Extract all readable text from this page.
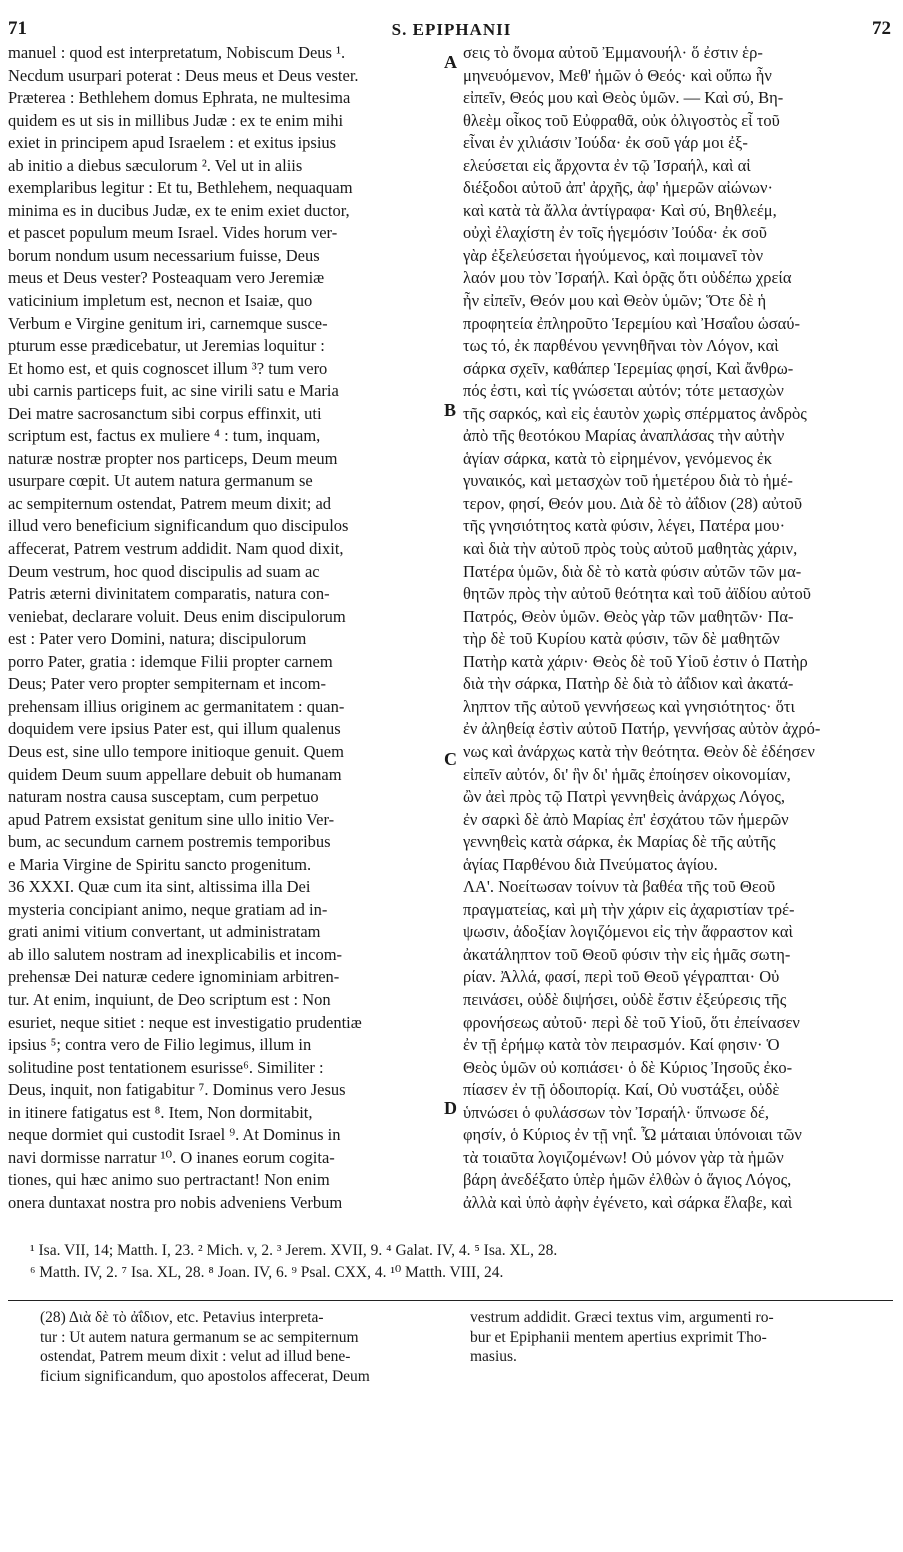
71	S. EPIPHANII	72
manuel : quod est interpretatum, Nobiscum Deus ¹.
Necdum usurpari poterat : Deus meus et Deus vester.
Præterea : Bethlehem domus Ephrata, ne multesima
quidem es ut sis in millibus Judæ : ex te enim mihi
exiet in principem apud Israelem : et exitus ipsius
ab initio a diebus sæculorum ². Vel ut in aliis
exemplaribus legitur : Et tu, Bethlehem, nequaquam
minima es in ducibus Judæ, ex te enim exiet ductor,
et pascet populum meum Israel. Vides horum ver-
borum nondum usum necessarium fuisse, Deus
meus et Deus vester? Posteaquam vero Jeremiæ
vaticinium impletum est, necnon et Isaiæ, quo
Verbum e Virgine genitum iri, carnemque susce-
pturum esse prædicebatur, ut Jeremias loquitur :
Et homo est, et quis cognoscet illum ³? tum vero
ubi carnis particeps fuit, ac sine virili satu e Maria
Dei matre sacrosanctum sibi corpus effinxit, uti
scriptum est, factus ex muliere ⁴ : tum, inquam,
naturæ nostræ propter nos particeps, Deum meum
usurpare cœpit. Ut autem natura germanum se
ac sempiternum ostendat, Patrem meum dixit; ad
illud vero beneficium significandum quo discipulos
affecerat, Patrem vestrum addidit. Nam quod dixit,
Deum vestrum, hoc quod discipulis ad suam ac
Patris æterni divinitatem comparatis, natura con-
veniebat, declarare voluit. Deus enim discipulorum
est : Pater vero Domini, natura; discipulorum
porro Pater, gratia : idemque Filii propter carnem
Deus; Pater vero propter sempiternam et incom-
prehensam illius originem ac germanitatem : quan-
doquidem vere ipsius Pater est, qui illum qualenus
Deus est, sine ullo tempore initioque genuit. Quem
quidem Deum suum appellare debuit ob humanam
naturam nostra causa susceptam, cum perpetuo
apud Patrem exsistat genitum sine ullo initio Ver-
bum, ac secundum carnem postremis temporibus
e Maria Virgine de Spiritu sancto progenitum.
36 XXXI. Quæ cum ita sint, altissima illa Dei
mysteria concipiant animo, neque gratiam ad in-
grati animi vitium convertant, ut administratam
ab illo salutem nostram ad inexplicabilis et incom-
prehensæ Dei naturæ cedere ignominiam arbitren-
tur. At enim, inquiunt, de Deo scriptum est : Non
esuriet, neque sitiet : neque est investigatio prudentiæ
ipsius ⁵; contra vero de Filio legimus, illum in
solitudine post tentationem esurisse⁶. Similiter :
Deus, inquit, non fatigabitur ⁷. Dominus vero Jesus
in itinere fatigatus est ⁸. Item, Non dormitabit,
neque dormiet qui custodit Israel ⁹. At Dominus in
navi dormisse narratur ¹⁰. O inanes eorum cogita-
tiones, qui hæc animo suo pertractant! Non enim
onera duntaxat nostra pro nobis adveniens Verbum
σεις τὸ ὄνομα αὐτοῦ Ἐμμανουήλ· ὅ ἐστιν ἑρ-
μηνευόμενον, Μεθ' ἡμῶν ὁ Θεός· καὶ οὔπω ἦν
εἰπεῖν, Θεός μου καὶ Θεὸς ὑμῶν. — Καὶ σύ, Βη-
θλεὲμ οἶκος τοῦ Εὐφραθᾶ, οὐκ ὀλιγοστὸς εἶ τοῦ
εἶναι ἐν χιλιάσιν Ἰούδα· ἐκ σοῦ γάρ μοι ἐξ-
ελεύσεται εἰς ἄρχοντα ἐν τῷ Ἰσραήλ, καὶ αἱ
διέξοδοι αὐτοῦ ἀπ' ἀρχῆς, ἀφ' ἡμερῶν αἰώνων·
καὶ κατὰ τὰ ἄλλα ἀντίγραφα· Καὶ σύ, Βηθλεέμ,
οὐχὶ ἐλαχίστη ἐν τοῖς ἡγεμόσιν Ἰούδα· ἐκ σοῦ
γὰρ ἐξελεύσεται ἡγούμενος, καὶ ποιμανεῖ τὸν
λαόν μου τὸν Ἰσραήλ. Καὶ ὁρᾷς ὅτι οὐδέπω χρεία
ἦν εἰπεῖν, Θεόν μου καὶ Θεὸν ὑμῶν; Ὅτε δὲ ἡ
προφητεία ἐπληροῦτο Ἱερεμίου καὶ Ἠσαΐου ὡσαύ-
τως τό, ἐκ παρθένου γεννηθῆναι τὸν Λόγον, καὶ
σάρκα σχεῖν, καθάπερ Ἱερεμίας φησί, Καὶ ἄνθρω-
πός ἐστι, καὶ τίς γνώσεται αὐτόν; τότε μετασχὼν
τῆς σαρκός, καὶ εἰς ἑαυτὸν χωρὶς σπέρματος ἀνδρὸς
ἀπὸ τῆς θεοτόκου Μαρίας ἀναπλάσας τὴν αὐτὴν
ἁγίαν σάρκα, κατὰ τὸ εἰρημένον, γενόμενος ἐκ
γυναικός, καὶ μετασχὼν τοῦ ἡμετέρου διὰ τὸ ἡμέ-
τερον, φησί, Θεόν μου. Διὰ δὲ τὸ ἀΐδιον (28) αὐτοῦ
τῆς γνησιότητος κατὰ φύσιν, λέγει, Πατέρα μου·
καὶ διὰ τὴν αὐτοῦ πρὸς τοὺς αὐτοῦ μαθητὰς χάριν,
Πατέρα ὑμῶν, διὰ δὲ τὸ κατὰ φύσιν αὐτῶν τῶν μα-
θητῶν πρὸς τὴν αὐτοῦ θεότητα καὶ τοῦ ἀϊδίου αὐτοῦ
Πατρός, Θεὸν ὑμῶν. Θεὸς γὰρ τῶν μαθητῶν· Πα-
τὴρ δὲ τοῦ Κυρίου κατὰ φύσιν, τῶν δὲ μαθητῶν
Πατὴρ κατὰ χάριν· Θεὸς δὲ τοῦ Υἱοῦ ἐστιν ὁ Πατὴρ
διὰ τὴν σάρκα, Πατὴρ δὲ διὰ τὸ ἀΐδιον καὶ ἀκατά-
ληπτον τῆς αὐτοῦ γεννήσεως καὶ γνησιότητος· ὅτι
ἐν ἀληθείᾳ ἐστὶν αὐτοῦ Πατήρ, γεννήσας αὐτὸν ἀχρό-
νως καὶ ἀνάρχως κατὰ τὴν θεότητα. Θεὸν δὲ ἐδέησεν
εἰπεῖν αὐτόν, δι' ἣν δι' ἡμᾶς ἐποίησεν οἰκονομίαν,
ὢν ἀεὶ πρὸς τῷ Πατρὶ γεννηθεὶς ἀνάρχως Λόγος,
ἐν σαρκὶ δὲ ἀπὸ Μαρίας ἐπ' ἐσχάτου τῶν ἡμερῶν
γεννηθεὶς κατὰ σάρκα, ἐκ Μαρίας δὲ τῆς αὐτῆς
ἁγίας Παρθένου διὰ Πνεύματος ἁγίου.
ΛΑ'. Νοείτωσαν τοίνυν τὰ βαθέα τῆς τοῦ Θεοῦ
πραγματείας, καὶ μὴ τὴν χάριν εἰς ἀχαριστίαν τρέ-
ψωσιν, ἀδοξίαν λογιζόμενοι εἰς τὴν ἄφραστον καὶ
ἀκατάληπτον τοῦ Θεοῦ φύσιν τὴν εἰς ἡμᾶς σωτη-
ρίαν. Ἀλλά, φασί, περὶ τοῦ Θεοῦ γέγραπται· Οὐ
πεινάσει, οὐδὲ διψήσει, οὐδὲ ἔστιν ἐξεύρεσις τῆς
φρονήσεως αὐτοῦ· περὶ δὲ τοῦ Υἱοῦ, ὅτι ἐπείνασεν
ἐν τῇ ἐρήμῳ κατὰ τὸν πειρασμόν. Καί φησιν· Ὁ
Θεὸς ὑμῶν οὐ κοπιάσει· ὁ δὲ Κύριος Ἰησοῦς ἐκο-
πίασεν ἐν τῇ ὁδοιπορίᾳ. Καί, Οὐ νυστάξει, οὐδὲ
ὑπνώσει ὁ φυλάσσων τὸν Ἰσραήλ· ὕπνωσε δέ,
φησίν, ὁ Κύριος ἐν τῇ νηΐ. Ὦ μάταιαι ὑπόνοιαι τῶν
τὰ τοιαῦτα λογιζομένων! Οὐ μόνον γὰρ τὰ ἡμῶν
βάρη ἀνεδέξατο ὑπὲρ ἡμῶν ἐλθὼν ὁ ἅγιος Λόγος,
ἀλλὰ καὶ ὑπὸ ἀφὴν ἐγένετο, καὶ σάρκα ἔλαβε, καὶ
A
B
C
D
¹ Isa. VII, 14; Matth. I, 23. ² Mich. v, 2. ³ Jerem. XVII, 9. ⁴ Galat. IV, 4. ⁵ Isa. XL, 28.
⁶ Matth. IV, 2. ⁷ Isa. XL, 28. ⁸ Joan. IV, 6. ⁹ Psal. CXX, 4. ¹⁰ Matth. VIII, 24.
(28) Διὰ δὲ τὸ ἀΐδιον, etc. Petavius interpreta-
tur : Ut autem natura germanum se ac sempiternum
ostendat, Patrem meum dixit : velut ad illud bene-
ficium significandum, quo apostolos affecerat, Deum
vestrum addidit. Græci textus vim, argumenti ro-
bur et Epiphanii mentem apertius exprimit Tho-
masius.
